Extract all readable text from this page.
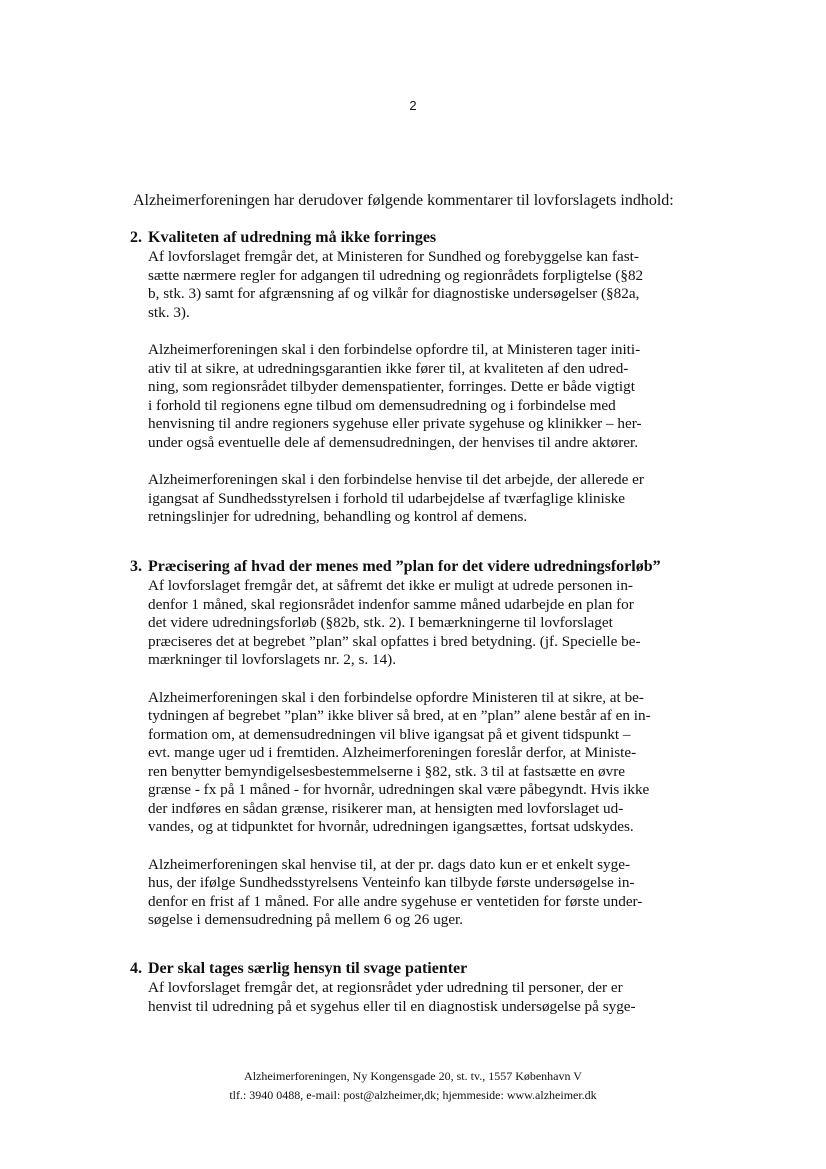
2
Alzheimerforeningen har derudover følgende kommentarer til lovforslagets indhold:
2. Kvaliteten af udredning må ikke forringes
Af lovforslaget fremgår det, at Ministeren for Sundhed og forebyggelse kan fast-
sætte nærmere regler for adgangen til udredning og regionrådets forpligtelse (§82
b, stk. 3) samt for afgrænsning af og vilkår for diagnostiske undersøgelser (§82a,
stk. 3).
Alzheimerforeningen skal i den forbindelse opfordre til, at Ministeren tager initi-
ativ til at sikre, at udredningsgarantien ikke fører til, at kvaliteten af den udred-
ning, som regionsrådet tilbyder demenspatienter, forringes. Dette er både vigtigt
i forhold til regionens egne tilbud om demensudredning og i forbindelse med
henvisning til andre regioners sygehuse eller private sygehuse og klinikker – her-
under også eventuelle dele af demensudredningen, der henvises til andre aktører.
Alzheimerforeningen skal i den forbindelse henvise til det arbejde, der allerede er
igangsat af Sundhedsstyrelsen i forhold til udarbejdelse af tværfaglige kliniske
retningslinjer for udredning, behandling og kontrol af demens.
3. Præcisering af hvad der menes med ”plan for det videre udredningsforløb”
Af lovforslaget fremgår det, at såfremt det ikke er muligt at udrede personen in-
denfor 1 måned, skal regionsrådet indenfor samme måned udarbejde en plan for
det videre udredningsforløb (§82b, stk. 2). I bemærkningerne til lovforslaget
præciseres det at begrebet ”plan” skal opfattes i bred betydning. (jf. Specielle be-
mærkninger til lovforslagets nr. 2, s. 14).
Alzheimerforeningen skal i den forbindelse opfordre Ministeren til at sikre, at be-
tydningen af begrebet ”plan” ikke bliver så bred, at en ”plan” alene består af en in-
formation om, at demensudredningen vil blive igangsat på et givent tidspunkt –
evt. mange uger ud i fremtiden. Alzheimerforeningen foreslår derfor, at Ministe-
ren benytter bemyndigelsesbestemmelserne i §82, stk. 3 til at fastsætte en øvre
grænse - fx på 1 måned - for hvornår, udredningen skal være påbegyndt. Hvis ikke
der indføres en sådan grænse, risikerer man, at hensigten med lovforslaget ud-
vandes, og at tidpunktet for hvornår, udredningen igangsættes, fortsat udskydes.
Alzheimerforeningen skal henvise til, at der pr. dags dato kun er et enkelt syge-
hus, der ifølge Sundhedsstyrelsens Venteinfo kan tilbyde første undersøgelse in-
denfor en frist af 1 måned. For alle andre sygehuse er ventetiden for første under-
søgelse i demensudredning på mellem 6 og 26 uger.
4. Der skal tages særlig hensyn til svage patienter
Af lovforslaget fremgår det, at regionsrådet yder udredning til personer, der er
henvist til udredning på et sygehus eller til en diagnostisk undersøgelse på syge-
Alzheimerforeningen, Ny Kongensgade 20, st. tv., 1557 København V
tlf.: 3940 0488, e-mail: post@alzheimer,dk; hjemmeside: www.alzheimer.dk
